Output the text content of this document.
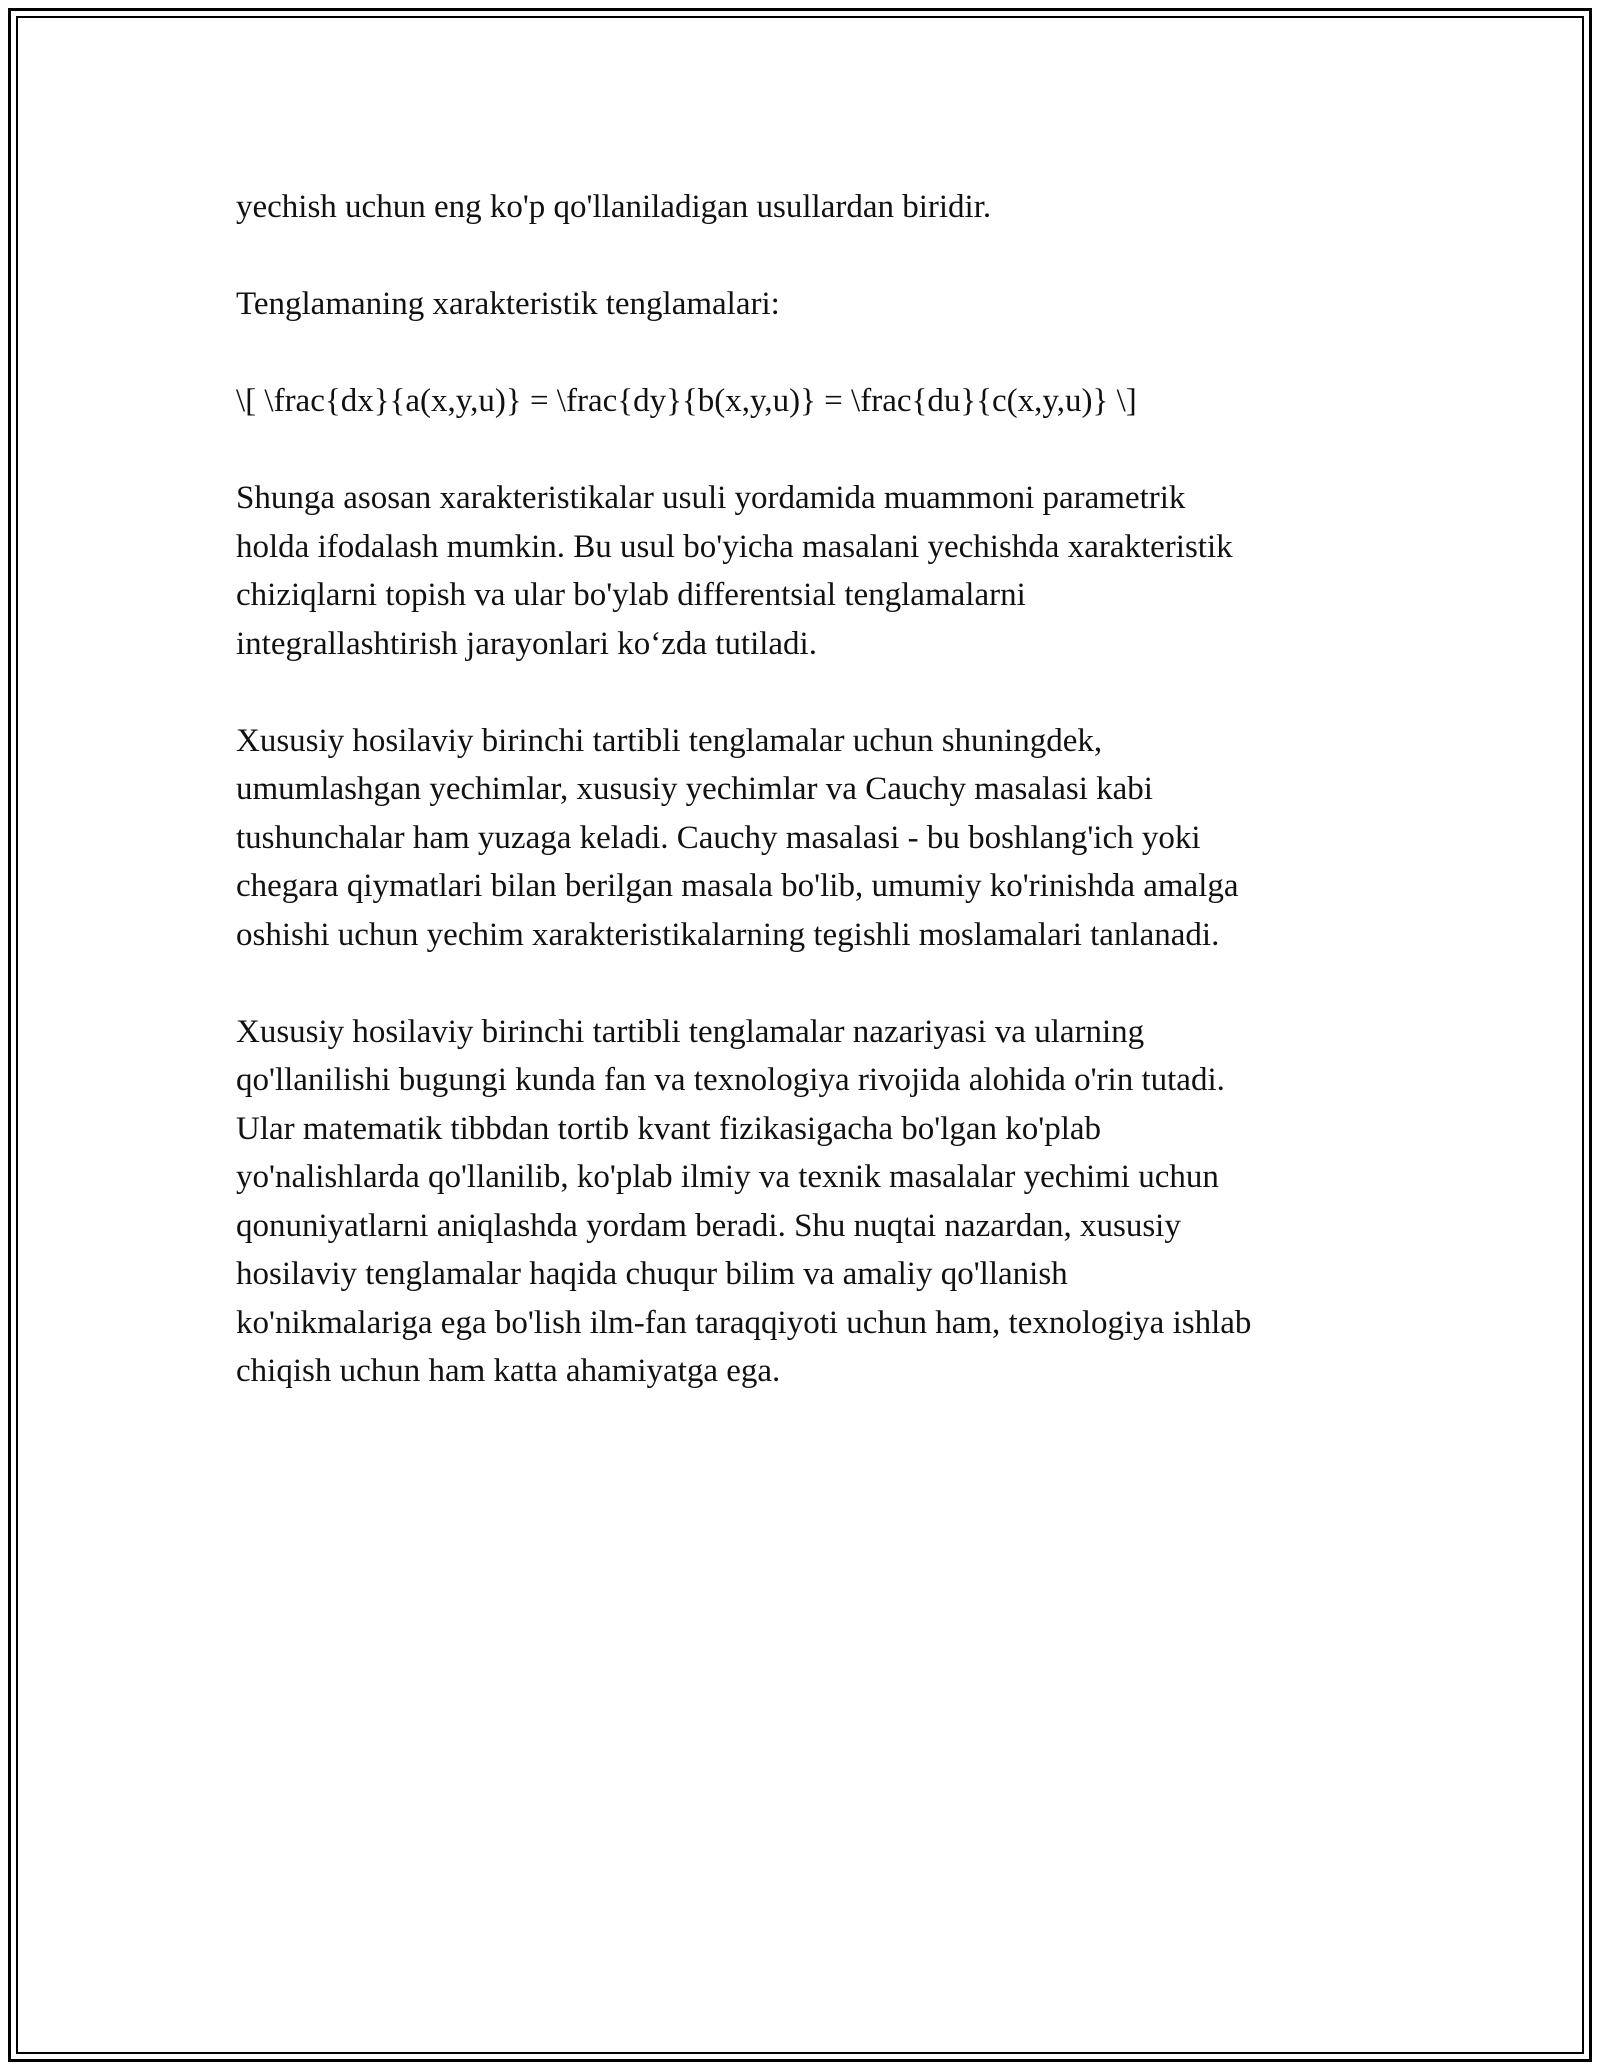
yechish uchun eng ko'p qo'llaniladigan usullardan biridir.

Tenglamaning xarakteristik tenglamalari:

\[ \frac{dx}{a(x,y,u)} = \frac{dy}{b(x,y,u)} = \frac{du}{c(x,y,u)} \]

Shunga asosan xarakteristikalar usuli yordamida muammoni parametrik
holda ifodalash mumkin. Bu usul bo'yicha masalani yechishda xarakteristik
chiziqlarni topish va ular bo'ylab differentsial tenglamalarni
integrallashtirish jarayonlari ko‘zda tutiladi.

Xususiy hosilaviy birinchi tartibli tenglamalar uchun shuningdek,
umumlashgan yechimlar, xususiy yechimlar va Cauchy masalasi kabi
tushunchalar ham yuzaga keladi. Cauchy masalasi - bu boshlang'ich yoki
chegara qiymatlari bilan berilgan masala bo'lib, umumiy ko'rinishda amalga
oshishi uchun yechim xarakteristikalarning tegishli moslamalari tanlanadi.

Xususiy hosilaviy birinchi tartibli tenglamalar nazariyasi va ularning
qo'llanilishi bugungi kunda fan va texnologiya rivojida alohida o'rin tutadi.
Ular matematik tibbdan tortib kvant fizikasigacha bo'lgan ko'plab
yo'nalishlarda qo'llanilib, ko'plab ilmiy va texnik masalalar yechimi uchun
qonuniyatlarni aniqlashda yordam beradi. Shu nuqtai nazardan, xususiy
hosilaviy tenglamalar haqida chuqur bilim va amaliy qo'llanish
ko'nikmalariga ega bo'lish ilm-fan taraqqiyoti uchun ham, texnologiya ishlab
chiqish uchun ham katta ahamiyatga ega.
